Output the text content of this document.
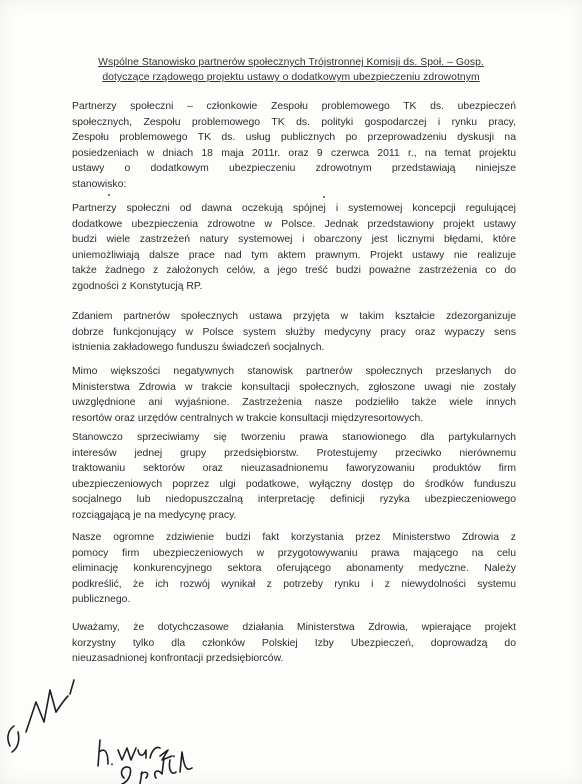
Wspólne Stanowisko partnerów społecznych Trójstronnej Komisji ds. Społ. – Gosp.
dotyczące rządowego projektu ustawy o dodatkowym ubezpieczeniu zdrowotnym
Partnerzy społeczni – członkowie Zespołu problemowego TK ds. ubezpieczeń
społecznych, Zespołu problemowego TK ds. polityki gospodarczej i rynku pracy,
Zespołu problemowego TK ds. usług publicznych po przeprowadzeniu dyskusji na
posiedzeniach w dniach 18 maja 2011r. oraz 9 czerwca 2011 r., na temat projektu
ustawy o dodatkowym ubezpieczeniu zdrowotnym przedstawiają niniejsze
stanowisko:
Partnerzy społeczni od dawna oczekują spójnej i systemowej koncepcji regulującej
dodatkowe ubezpieczenia zdrowotne w Polsce. Jednak przedstawiony projekt ustawy
budzi wiele zastrzeżeń natury systemowej i obarczony jest licznymi błędami, które
uniemożliwiają dalsze prace nad tym aktem prawnym. Projekt ustawy nie realizuje
także żadnego z założonych celów, a jego treść budzi poważne zastrzeżenia co do
zgodności z Konstytucją RP.
Zdaniem partnerów społecznych ustawa przyjęta w takim kształcie zdezorganizuje
dobrze funkcjonujący w Polsce system służby medycyny pracy oraz wypaczy sens
istnienia zakładowego funduszu świadczeń socjalnych.
Mimo większości negatywnych stanowisk partnerów społecznych przesłanych do
Ministerstwa Zdrowia w trakcie konsultacji społecznych, zgłoszone uwagi nie zostały
uwzględnione ani wyjaśnione. Zastrzeżenia nasze podzieliło także wiele innych
resortów oraz urzędów centralnych w trakcie konsultacji międzyresortowych.
Stanowczo sprzeciwiamy się tworzeniu prawa stanowionego dla partykularnych
interesów jednej grupy przedsiębiorstw. Protestujemy przeciwko nierównemu
traktowaniu sektorów oraz nieuzasadnionemu faworyzowaniu produktów firm
ubezpieczeniowych poprzez ulgi podatkowe, wyłączny dostęp do środków funduszu
socjalnego lub niedopuszczalną interpretację definicji ryzyka ubezpieczeniowego
rozciągającą je na medycynę pracy.
Nasze ogromne zdziwienie budzi fakt korzystania przez Ministerstwo Zdrowia z
pomocy firm ubezpieczeniowych w przygotowywaniu prawa mającego na celu
eliminację konkurencyjnego sektora oferującego abonamenty medyczne. Należy
podkreślić, że ich rozwój wynikał z potrzeby rynku i z niewydolności systemu
publicznego.
Uważamy, że dotychczasowe działania Ministerstwa Zdrowia, wpierające projekt
korzystny tylko dla członków Polskiej Izby Ubezpieczeń, doprowadzą do
nieuzasadnionej konfrontacji przedsiębiorców.
